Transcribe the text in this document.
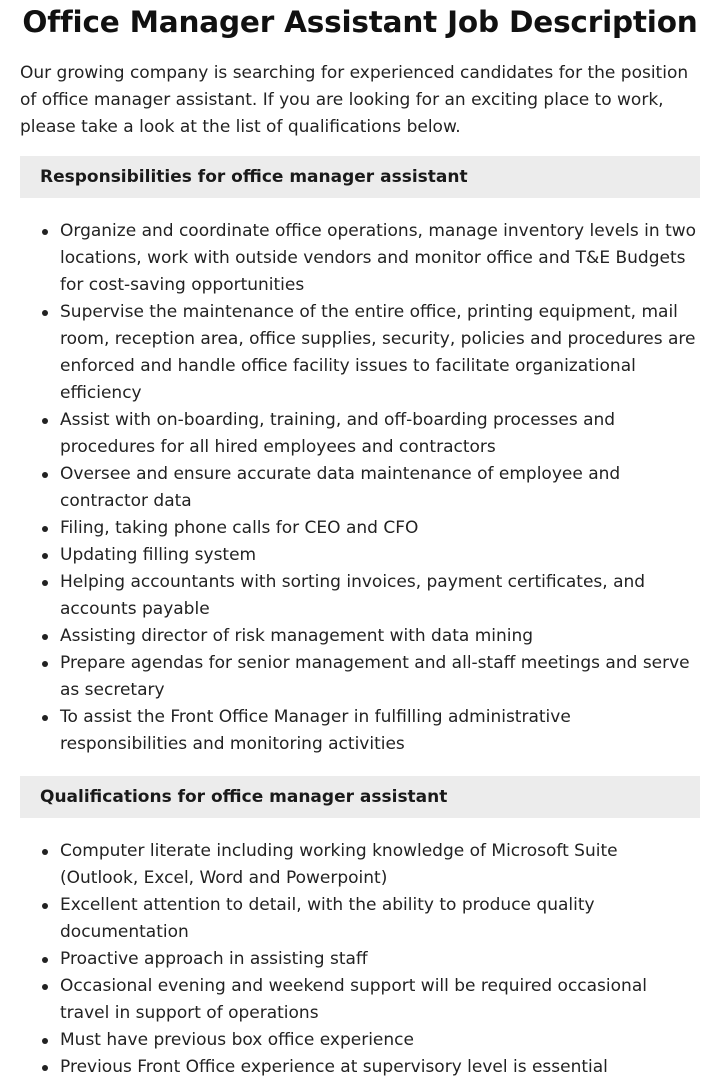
Office Manager Assistant Job Description

Our growing company is searching for experienced candidates for the position of office manager assistant. If you are looking for an exciting place to work, please take a look at the list of qualifications below.

Responsibilities for office manager assistant
Organize and coordinate office operations, manage inventory levels in two locations, work with outside vendors and monitor office and T&E Budgets for cost-saving opportunities
Supervise the maintenance of the entire office, printing equipment, mail room, reception area, office supplies, security, policies and procedures are enforced and handle office facility issues to facilitate organizational efficiency
Assist with on-boarding, training, and off-boarding processes and procedures for all hired employees and contractors
Oversee and ensure accurate data maintenance of employee and contractor data
Filing, taking phone calls for CEO and CFO
Updating filling system
Helping accountants with sorting invoices, payment certificates, and accounts payable
Assisting director of risk management with data mining
Prepare agendas for senior management and all-staff meetings and serve as secretary
To assist the Front Office Manager in fulfilling administrative responsibilities and monitoring activities
Qualifications for office manager assistant
Computer literate including working knowledge of Microsoft Suite (Outlook, Excel, Word and Powerpoint)
Excellent attention to detail, with the ability to produce quality documentation
Proactive approach in assisting staff
Occasional evening and weekend support will be required occasional travel in support of operations
Must have previous box office experience
Previous Front Office experience at supervisory level is essential
